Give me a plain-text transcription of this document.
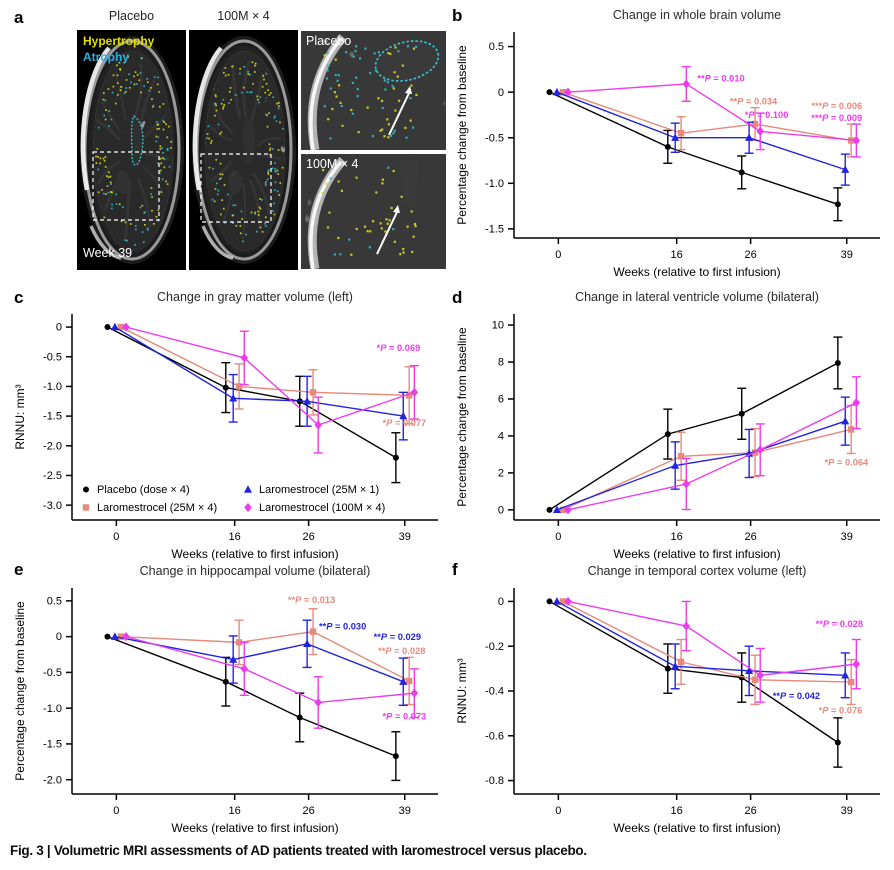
a	b
c	d
e	f
Placebo	100M × 4
Hypertrophy
Atrophy
Week 39
Placebo
100M × 4
Change in whole brain volume
0.5
0
-0.5
-1.0
-1.5
0	16	26	39
Weeks (relative to first infusion)
Percentage change from baseline	**P = 0.010
**P = 0.034
*P = 0.100
***P = 0.006
***P = 0.009
Change in gray matter volume (left)
0
-0.5
-1.0
-1.5
-2.0
-2.5
-3.0
0	16	26	39
Weeks (relative to first infusion)
RNNU: mm³
*P = 0.069
*P = 0.077
Placebo (dose × 4)	Laromestrocel (25M × 1)
Laromestrocel (25M × 4)	Laromestrocel (100M × 4)
Change in lateral ventricle volume (bilateral)
10
8
6
4
2
0
0	16	26	39
Weeks (relative to first infusion)
Percentage change from baseline	*P = 0.064
Change in hippocampal volume (bilateral)
0.5
0
-0.5
-1.0
-1.5
-2.0
0	16	26	39
Weeks (relative to first infusion)
Percentage change from baseline
**P = 0.013
**P = 0.030
**P = 0.029
**P = 0.028
*P = 0.073
Change in temporal cortex volume (left)
0
-0.2
-0.4
-0.6
-0.8
0	16	26	39
Weeks (relative to first infusion)
RNNU: mm³
**P = 0.028
**P = 0.042
*P = 0.076
Fig. 3 | Volumetric MRI assessments of AD patients treated with laromestrocel versus placebo.
